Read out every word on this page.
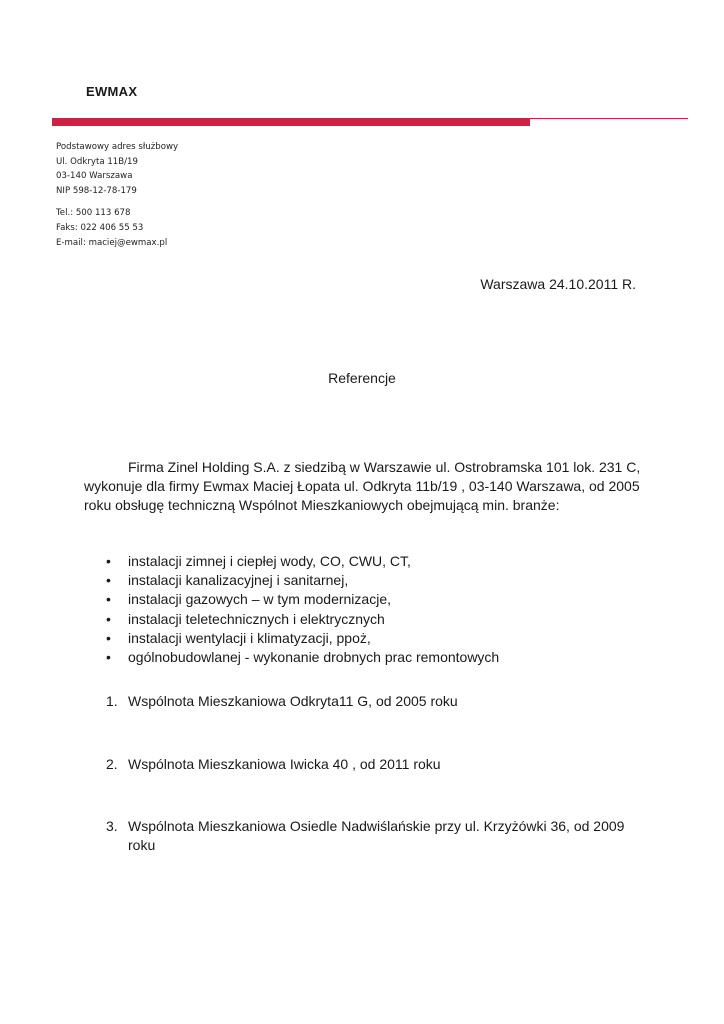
EWMAX
Podstawowy adres służbowy
Ul. Odkryta 11B/19
03-140 Warszawa
NIP 598-12-78-179
Tel.: 500 113 678
Faks: 022 406 55 53
E-mail: maciej@ewmax.pl
Warszawa 24.10.2011 R.
Referencje
Firma Zinel Holding S.A. z siedzibą w Warszawie ul. Ostrobramska 101 lok. 231 C, wykonuje dla firmy Ewmax Maciej Łopata ul. Odkryta 11b/19 , 03-140 Warszawa, od 2005 roku obsługę techniczną Wspólnot Mieszkaniowych obejmującą min. branże:
• instalacji zimnej i ciepłej wody, CO, CWU, CT,
• instalacji kanalizacyjnej i sanitarnej,
• instalacji gazowych – w tym modernizacje,
• instalacji teletechnicznych i elektrycznych
• instalacji wentylacji i klimatyzacji, ppoż,
• ogólnobudowlanej - wykonanie drobnych prac remontowych
1. Wspólnota Mieszkaniowa Odkryta11 G, od 2005 roku
2. Wspólnota Mieszkaniowa Iwicka 40 , od 2011 roku
3. Wspólnota Mieszkaniowa Osiedle Nadwiślańskie przy ul. Krzyżówki 36, od 2009 roku
